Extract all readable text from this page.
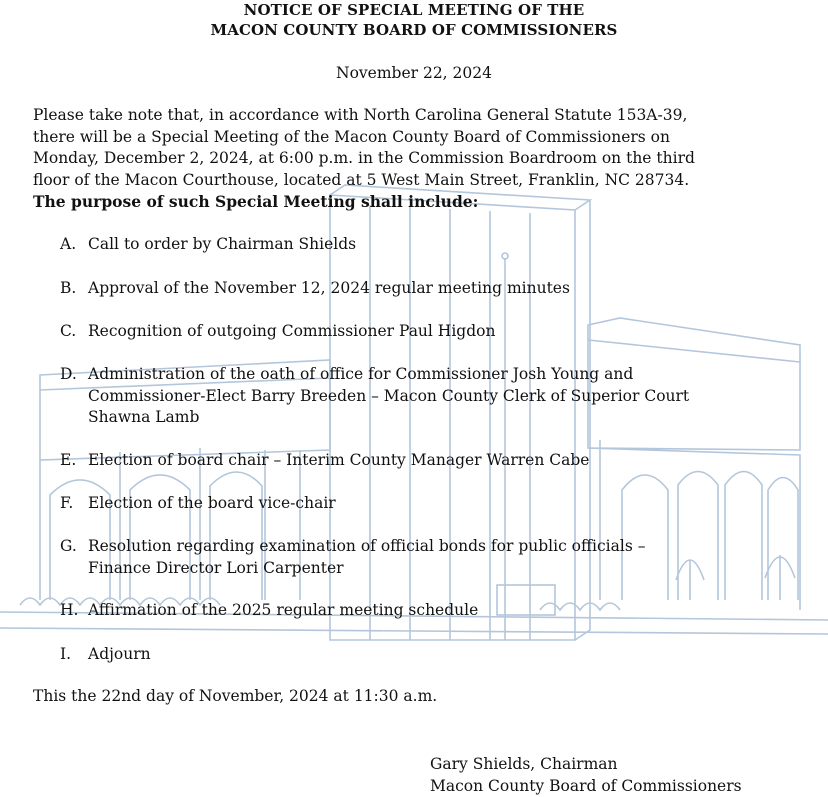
NOTICE OF SPECIAL MEETING OF THE
MACON COUNTY BOARD OF COMMISSIONERS
November 22, 2024
Please take note that, in accordance with North Carolina General Statute 153A-39,
there will be a Special Meeting of the Macon County Board of Commissioners on
Monday, December 2, 2024, at 6:00 p.m. in the Commission Boardroom on the third
floor of the Macon Courthouse, located at 5 West Main Street, Franklin, NC 28734.
The purpose of such Special Meeting shall include:
A. Call to order by Chairman Shields
B. Approval of the November 12, 2024 regular meeting minutes
C. Recognition of outgoing Commissioner Paul Higdon
D. Administration of the oath of office for Commissioner Josh Young and
Commissioner-Elect Barry Breeden – Macon County Clerk of Superior Court
Shawna Lamb
E. Election of board chair – Interim County Manager Warren Cabe
F. Election of the board vice-chair
G. Resolution regarding examination of official bonds for public officials –
Finance Director Lori Carpenter
H. Affirmation of the 2025 regular meeting schedule
I.	Adjourn
This the 22nd day of November, 2024 at 11:30 a.m.
Gary Shields, Chairman
Macon County Board of Commissioners
